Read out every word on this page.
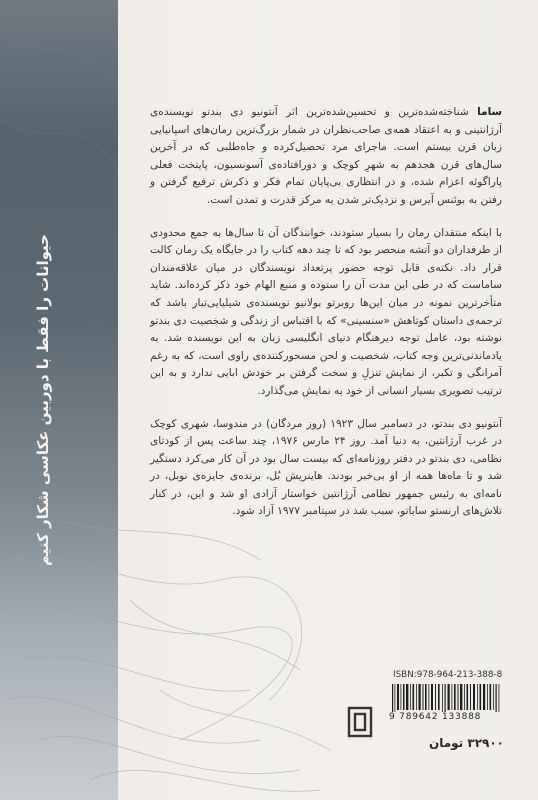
حیوانات را فقط با دوربین عکاسی شکار کنیم

ساما شناخته‌شده‌ترین و تحسین‌شده‌ترین اثر آنتونیو دی بندتو نویسنده‌ی آرژانتینی و به اعتقاد همه‌ی صاحب‌نظران در شمار بزرگ‌ترین رمان‌های اسپانیایی زبان قرن بیستم است. ماجرای مرد تحصیل‌کرده و جاه‌طلبی که در آخرین سال‌های قرن هجدهم به شهرِ کوچک و دورافتاده‌ی آسونسیون، پایتخت فعلی پاراگوئه اعزام شده، و در انتظاری بی‌پایان تمام فکر و ذکرش ترفیع گرفتن و رفتن به بوئنس آیرس و نزدیک‌تر شدن به مرکز قدرت و تمدن است.

با اینکه منتقدان رمان را بسیار ستودند، خوانندگان آن تا سال‌ها به جمع محدودی از طرفداران دو آتشه منحصر بود که تا چند دهه کتاب را در جایگاه یک رمان کالت قرار داد. نکته‌ی قابل توجه حضور پرتعداد نویسندگان در میان علاقه‌مندان ساماست که در طی این مدت آن را ستوده و منبع الهام خود ذکر کرده‌اند. شاید متأخرترین نمونه در میان این‌ها روبرتو بولانیو نویسنده‌ی شیلیایی‌تبار باشد که ترجمه‌ی داستان کوتاهش «سنسینی» که با اقتباس از زندگی و شخصیت دی بندتو نوشته بود، عامل توجه دیرهنگام دنیای انگلیسی زبان به این نویسنده شد. به یادماندنی‌ترین وجه کتاب، شخصیت و لحن مسحورکننده‌ی راوی است، که به رغم آمرانگی و تکبر، از نمایش تنزلِ و سخت گرفتن بر خودش ابایی ندارد و به این ترتیب تصویری بسیار انسانی از خود به نمایش می‌گذارد.

آنتونیو دی بندتو، در دسامبر سال ۱۹۲۳ (روز مردگان) در مندوسا، شهری کوچک در غرب آرژانتین، به دنیا آمد. روز ۲۴ مارس ۱۹۷۶، چند ساعت پس از کودتای نظامی، دی بندتو در دفتر روزنامه‌ای که بیست سال بود در آن کار می‌کرد دستگیر شد و تا ماه‌ها همه از او بی‌خبر بودند. هاینریش بُل، برنده‌ی جایزه‌ی نوبل، در نامه‌ای به رئیس جمهور نظامی آرژانتین خواستار آزادی او شد و این، در کنار تلاش‌های ارنستو ساباتو، سبب شد در سپتامبر ۱۹۷۷ آزاد شود.

ISBN:978-964-213-388-8
9 789642 133888
۳۲۹۰۰ تومان
